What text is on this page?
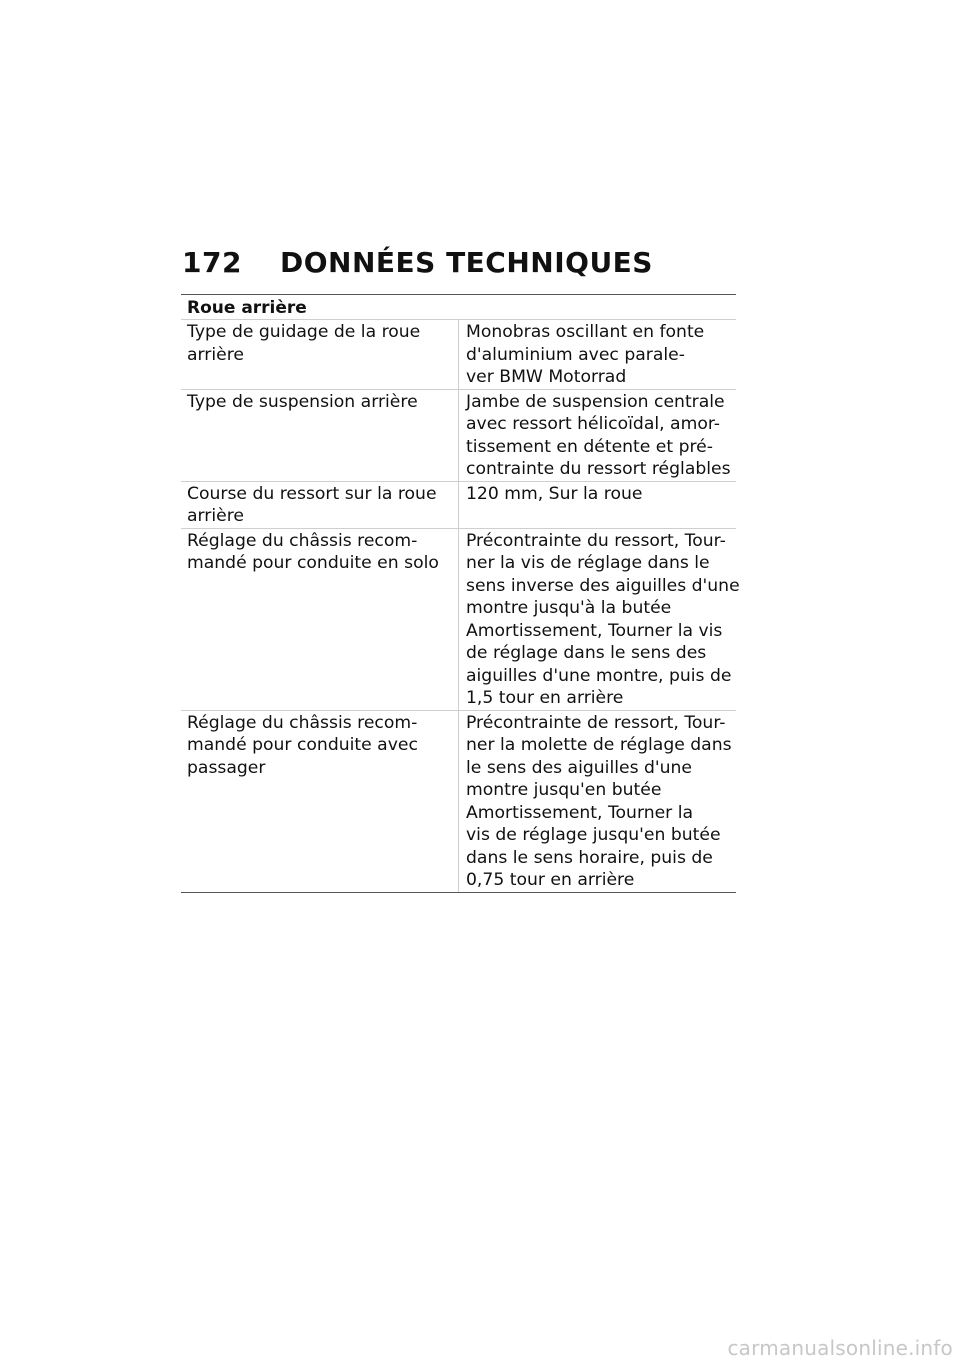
172 DONNÉES TECHNIQUES
Roue arrière
Type de guidage de la roue
arrière
Monobras oscillant en fonte
d'aluminium avec parale-
ver BMW Motorrad
Type de suspension arrière	Jambe de suspension centrale
avec ressort hélicoïdal, amor-
tissement en détente et pré-
contrainte du ressort réglables
Course du ressort sur la roue
arrière
120 mm, Sur la roue
Réglage du châssis recom-
mandé pour conduite en solo
Précontrainte du ressort, Tour-
ner la vis de réglage dans le
sens inverse des aiguilles d'une
montre jusqu'à la butée
Amortissement, Tourner la vis
de réglage dans le sens des
aiguilles d'une montre, puis de
1,5 tour en arrière
Réglage du châssis recom-
mandé pour conduite avec
passager
Précontrainte de ressort, Tour-
ner la molette de réglage dans
le sens des aiguilles d'une
montre jusqu'en butée
Amortissement, Tourner la
vis de réglage jusqu'en butée
dans le sens horaire, puis de
0,75 tour en arrière
carmanualsonline.info
